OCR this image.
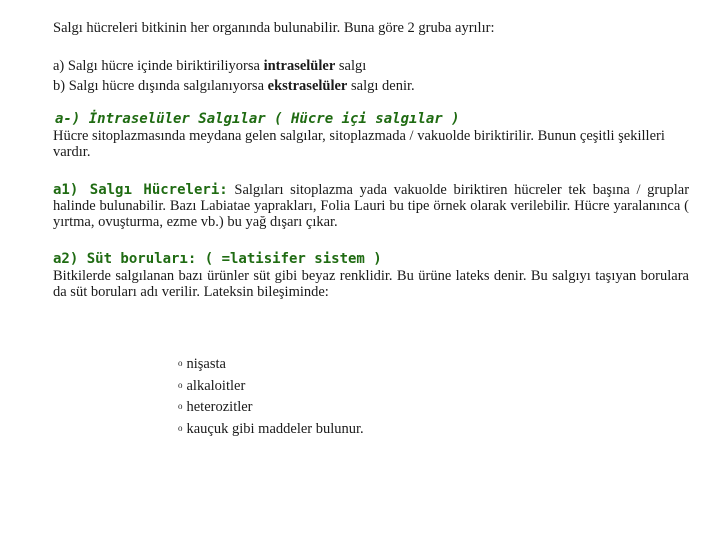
Salgı hücreleri bitkinin her organında bulunabilir. Buna göre 2 gruba ayrılır:

a) Salgı hücre içinde biriktiriliyorsa intraselüler salgı
b) Salgı hücre dışında salgılanıyorsa ekstraselüler salgı denir.

a-) İntraselüler Salgılar ( Hücre içi salgılar )

Hücre sitoplazmasında meydana gelen salgılar, sitoplazmada / vakuolde biriktirilir. Bunun çeşitli şekilleri vardır.

a1) Salgı Hücreleri: Salgıları sitoplazma yada vakuolde biriktiren hücreler tek başına / gruplar halinde bulunabilir. Bazı Labiatae yaprakları, Folia Lauri bu tipe örnek olarak verilebilir. Hücre yaralanınca ( yırtma, ovuşturma, ezme vb.) bu yağ dışarı çıkar.

a2) Süt boruları: ( =latisifer sistem )

Bitkilerde salgılanan bazı ürünler süt gibi beyaz renklidir. Bu ürüne lateks denir. Bu salgıyı taşıyan borulara da süt boruları adı verilir. Lateksin bileşiminde:

o nişasta
o alkaloitler
o heterozitler
o kauçuk gibi maddeler bulunur.
